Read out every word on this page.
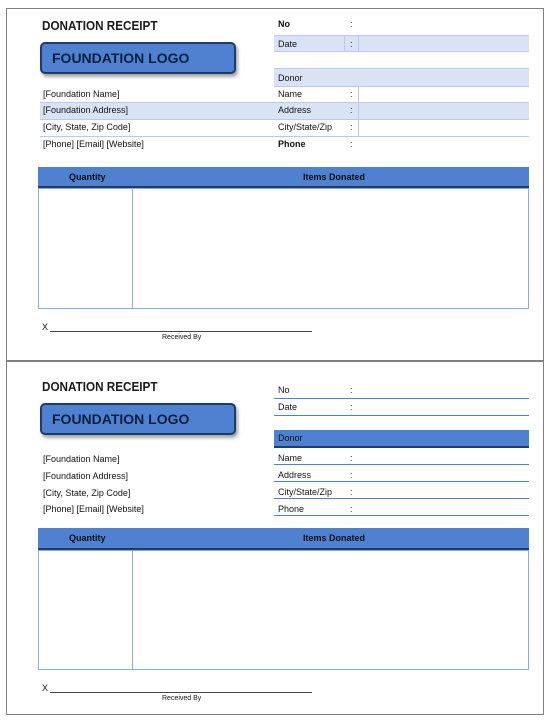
DONATION RECEIPT
FOUNDATION LOGO
[Foundation Name]
[Foundation Address]
[City, State, Zip Code]
[Phone] [Email] [Website]
No	:
Date	:
Donor
Name	:
Address	:
City/State/Zip :
Phone	:
Quantity	Items Donated
X
Received By
DONATION RECEIPT
FOUNDATION LOGO
[Foundation Name]
[Foundation Address]
[City, State, Zip Code]
[Phone] [Email] [Website]
No	:
Date	:
Donor
Name	:
Address	:
City/State/Zip :
Phone	:
Quantity	Items Donated
X
Received By
